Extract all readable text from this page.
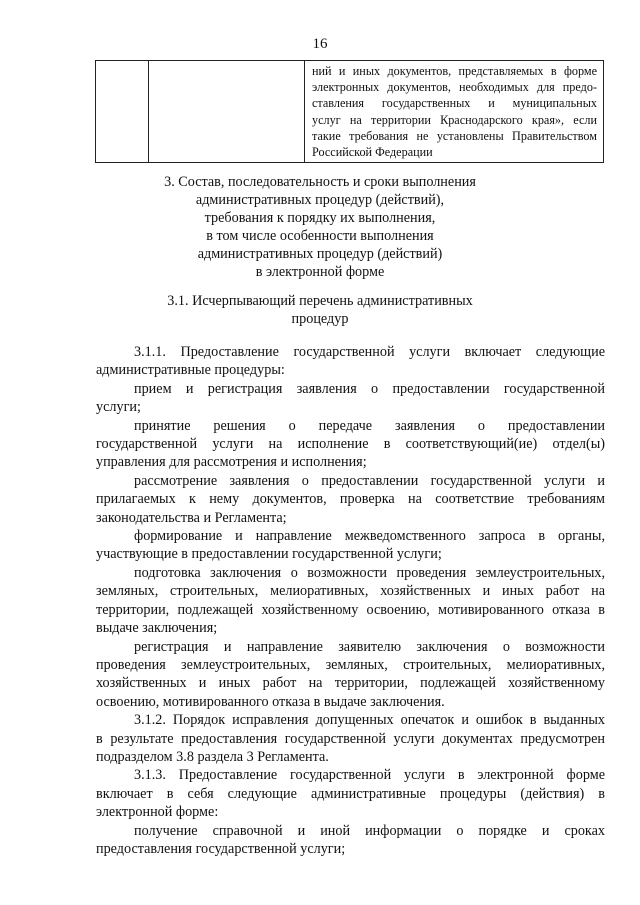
16

ний и иных документов, представляемых в форме
электронных документов, необходимых для предо-
ставления государственных и муниципальных
услуг на территории Краснодарского края», если
такие требования не установлены Правительством
Российской Федерации
3. Состав, последовательность и сроки выполнения
административных процедур (действий),
требования к порядку их выполнения,
в том числе особенности выполнения
административных процедур (действий)
в электронной форме
3.1. Исчерпывающий перечень административных
процедур
3.1.1. Предоставление государственной услуги включает следующие
административные процедуры:
прием и регистрация заявления о предоставлении государственной
услуги;
принятие решения о передаче заявления о предоставлении
государственной услуги на исполнение в соответствующий(ие) отдел(ы)
управления для рассмотрения и исполнения;
рассмотрение заявления о предоставлении государственной услуги и
прилагаемых к нему документов, проверка на соответствие требованиям
законодательства и Регламента;
формирование и направление межведомственного запроса в органы,
участвующие в предоставлении государственной услуги;
подготовка заключения о возможности проведения землеустроительных,
земляных, строительных, мелиоративных, хозяйственных и иных работ на
территории, подлежащей хозяйственному освоению, мотивированного отказа в
выдаче заключения;
регистрация и направление заявителю заключения о возможности
проведения землеустроительных, земляных, строительных, мелиоративных,
хозяйственных и иных работ на территории, подлежащей хозяйственному
освоению, мотивированного отказа в выдаче заключения.
3.1.2. Порядок исправления допущенных опечаток и ошибок в выданных
в результате предоставления государственной услуги документах предусмотрен
подразделом 3.8 раздела 3 Регламента.
3.1.3. Предоставление государственной услуги в электронной форме
включает в себя следующие административные процедуры (действия) в
электронной форме:
получение справочной и иной информации о порядке и сроках
предоставления государственной услуги;
